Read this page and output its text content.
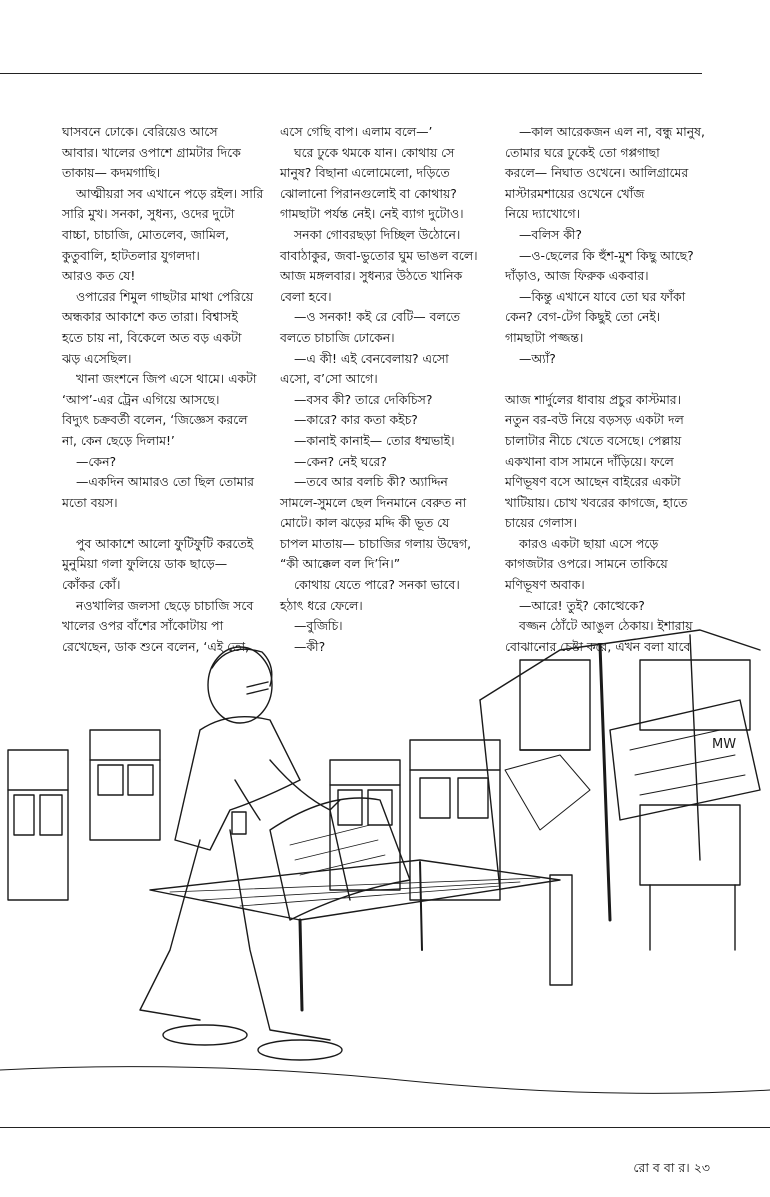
ঘাসবনে ঢোকে। বেরিয়েও আসে

আবার। খালের ওপাশে গ্রামটার দিকে

তাকায়— কদমগাছি।

আত্মীয়রা সব এখানে পড়ে রইল। সারি

সারি মুখ। সনকা, সুধন্য, ওদের দুটো

বাচ্চা, চাচাজি, মোতলেব, জামিল,

কুতুবালি, হাটতলার যুগলদা।

আরও কত যে!

ওপারের শিমুল গাছটার মাথা পেরিয়ে

অন্ধকার আকাশে কত তারা। বিশ্বাসই

হতে চায় না, বিকেলে অত বড় একটা

ঝড় এসেছিল।

খানা জংশনে জিপ এসে থামে। একটা

‘আপ’-এর ট্রেন এগিয়ে আসছে।

বিদ্যুৎ চক্রবর্তী বলেন, ‘জিজ্ঞেস করলে

না, কেন ছেড়ে দিলাম!’

—কেন?

—একদিন আমারও তো ছিল তোমার

মতো বয়স।

পুব আকাশে আলো ফুটিফুটি করতেই

মুনুমিয়া গলা ফুলিয়ে ডাক ছাড়ে—

কোঁকর কোঁ।

নওখালির জলসা ছেড়ে চাচাজি সবে

খালের ওপর বাঁশের সাঁকোটায় পা

রেখেছেন, ডাক শুনে বলেন, ‘এই তো,

এসে গেছি বাপ। এলাম বলে—’

ঘরে ঢুকে থমকে যান। কোথায় সে

মানুষ? বিছানা এলোমেলো, দড়িতে

ঝোলানো পিরানগুলোই বা কোথায়?

গামছাটা পর্যন্ত নেই। নেই ব্যাগ দুটোও।

সনকা গোবরছড়া দিচ্ছিল উঠোনে।

বাবাঠাকুর, জবা-ভুতোর ঘুম ভাঙল বলে।

আজ মঙ্গলবার। সুধন্যর উঠতে খানিক

বেলা হবে।

—ও সনকা! কই রে বেটি— বলতে

বলতে চাচাজি ঢোকেন।

—এ কী! এই বেনবেলায়? এসো

এসো, ব’সো আগে।

—বসব কী? তারে দেকিচিস?

—কারে? কার কতা কইচ?

—কানাই কানাই— তোর ধম্মভাই।

—কেন? নেই ঘরে?

—তবে আর বলচি কী? অ্যাদ্দিন

সামলে-সুমলে ছেল দিনমানে বেরুত না

মোটে। কাল ঝড়ের মদ্দি কী ভূত যে

চাপল মাতায়— চাচাজির গলায় উদ্বেগ,

“কী আক্কেল বল দি’নি।”

কোথায় যেতে পারে? সনকা ভাবে।

হঠাৎ ধরে ফেলে।

—বুজিচি।

—কী?

—কাল আরেকজন এল না, বন্ধু মানুষ,

তোমার ঘরে ঢুকেই তো গপ্পগাছা

করলে— নিঘাত ওখেনে। আলিগ্রামের

মাস্টারমশায়ের ওখেনে খোঁজ

নিয়ে দ্যাখোগে।

—বলিস কী?

—ও-ছেলের কি হুঁশ-মুশ কিছু আছে?

দাঁড়াও, আজ ফিরুক একবার।

—কিন্তু এখানে যাবে তো ঘর ফাঁকা

কেন? বেগ-টেগ কিছুই তো নেই।

গামছাটা পজ্জন্ত।

—অ্যাঁ?

আজ শার্দুলের ধাবায় প্রচুর কাস্টমার।

নতুন বর-বউ নিয়ে বড়সড় একটা দল

চালাটার নীচে খেতে বসেছে। পেল্লায়

একখানা বাস সামনে দাঁড়িয়ে। ফলে

মণিভূষণ বসে আছেন বাইরের একটা

খাটিয়ায়। চোখ খবরের কাগজে, হাতে

চায়ের গেলাস।

কারও একটা ছায়া এসে পড়ে

কাগজটার ওপরে। সামনে তাকিয়ে

মণিভূষণ অবাক।

—আরে! তুই? কোত্থেকে?

বজ্জন ঠোঁটে আঙুল ঠেকায়। ইশারায়

বোঝানোর চেষ্টা করে, এখন বলা যাবে

MW
রো ব বা র। ২৩
